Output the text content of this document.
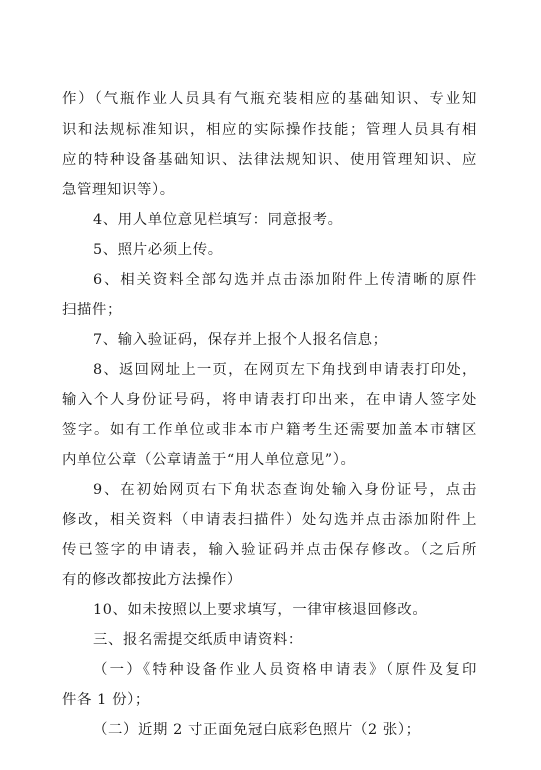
作）（气瓶作业人员具有气瓶充装相应的基础知识、专业知
识和法规标准知识，相应的实际操作技能；管理人员具有相
应的特种设备基础知识、法律法规知识、使用管理知识、应
急管理知识等）。
4、用人单位意见栏填写：同意报考。
5、照片必须上传。
6、相关资料全部勾选并点击添加附件上传清晰的原件
扫描件；
7、输入验证码，保存并上报个人报名信息；
8、返回网址上一页，在网页左下角找到申请表打印处，
输入个人身份证号码，将申请表打印出来，在申请人签字处
签字。如有工作单位或非本市户籍考生还需要加盖本市辖区
内单位公章（公章请盖于“用人单位意见”）。
9、在初始网页右下角状态查询处输入身份证号，点击
修改，相关资料（申请表扫描件）处勾选并点击添加附件上
传已签字的申请表，输入验证码并点击保存修改。（之后所
有的修改都按此方法操作）
10、如未按照以上要求填写，一律审核退回修改。
三、报名需提交纸质申请资料：
（一）《特种设备作业人员资格申请表》（原件及复印
件各 1 份）；
（二）近期 2 寸正面免冠白底彩色照片（2 张）；
